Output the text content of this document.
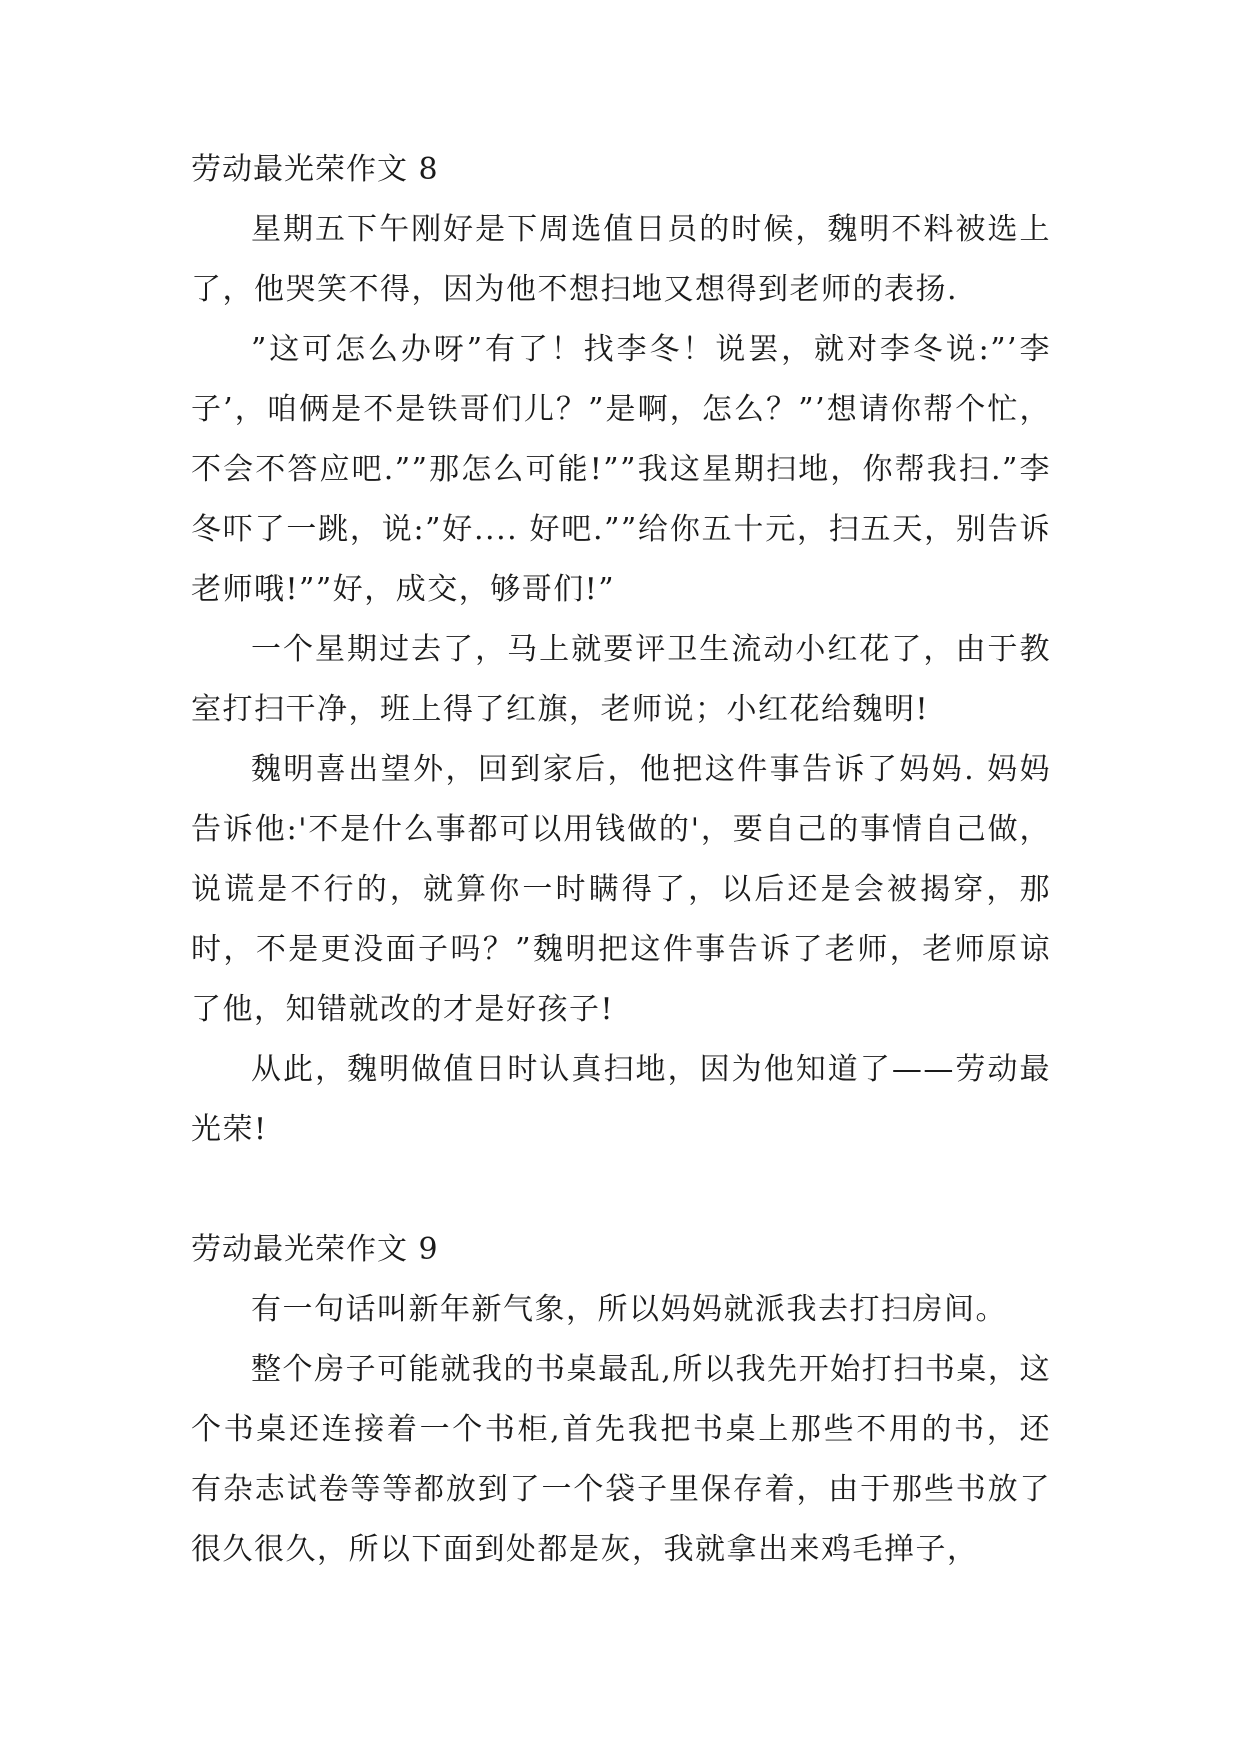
劳动最光荣作文 8

星期五下午刚好是下周选值日员的时候，魏明不料被选上了，他哭笑不得，因为他不想扫地又想得到老师的表扬.

”这可怎么办呀”有了！找李冬！说罢，就对李冬说:”’李子’，咱俩是不是铁哥们儿？”是啊，怎么？”’想请你帮个忙，不会不答应吧.””那怎么可能!””我这星期扫地，你帮我扫.”李冬吓了一跳，说:”好.... 好吧.””给你五十元，扫五天，别告诉老师哦!””好，成交，够哥们!”

一个星期过去了，马上就要评卫生流动小红花了，由于教室打扫干净，班上得了红旗，老师说；小红花给魏明!

魏明喜出望外，回到家后，他把这件事告诉了妈妈. 妈妈告诉他:'不是什么事都可以用钱做的'，要自己的事情自己做，说谎是不行的，就算你一时瞒得了，以后还是会被揭穿，那时，不是更没面子吗？”魏明把这件事告诉了老师，老师原谅了他，知错就改的才是好孩子!

从此，魏明做值日时认真扫地，因为他知道了——劳动最光荣!

劳动最光荣作文 9

有一句话叫新年新气象，所以妈妈就派我去打扫房间。

整个房子可能就我的书桌最乱,所以我先开始打扫书桌，这个书桌还连接着一个书柜,首先我把书桌上那些不用的书，还有杂志试卷等等都放到了一个袋子里保存着，由于那些书放了很久很久，所以下面到处都是灰，我就拿出来鸡毛掸子，
